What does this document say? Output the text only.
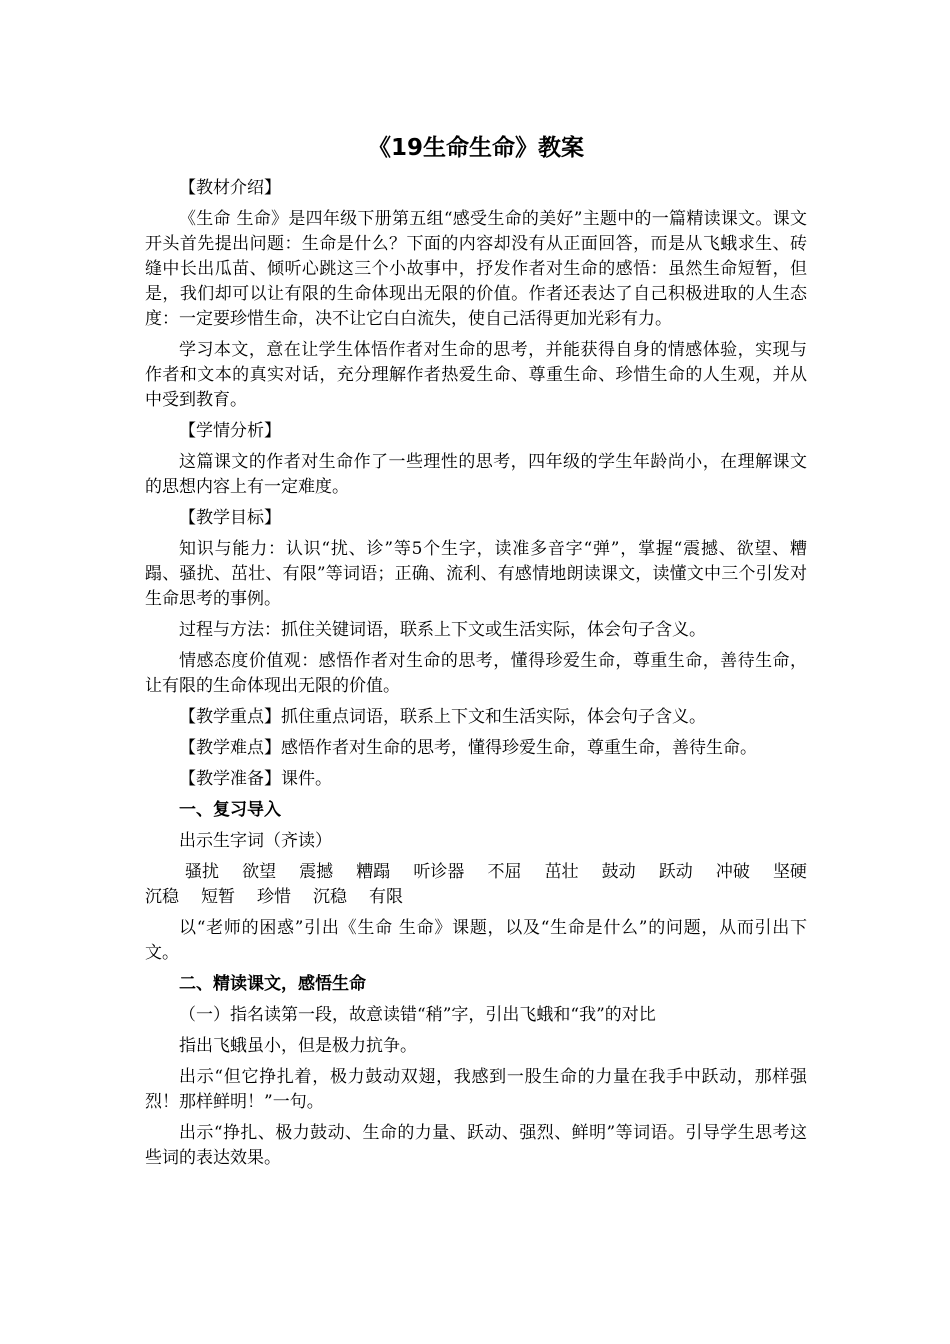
《19生命生命》教案

【教材介绍】

《生命 生命》是四年级下册第五组“感受生命的美好”主题中的一篇精读课文。课文开头首先提出问题：生命是什么？下面的内容却没有从正面回答，而是从飞蛾求生、砖缝中长出瓜苗、倾听心跳这三个小故事中，抒发作者对生命的感悟：虽然生命短暂，但是，我们却可以让有限的生命体现出无限的价值。作者还表达了自己积极进取的人生态度：一定要珍惜生命，决不让它白白流失，使自己活得更加光彩有力。

学习本文，意在让学生体悟作者对生命的思考，并能获得自身的情感体验，实现与作者和文本的真实对话，充分理解作者热爱生命、尊重生命、珍惜生命的人生观，并从中受到教育。

【学情分析】

这篇课文的作者对生命作了一些理性的思考，四年级的学生年龄尚小，在理解课文的思想内容上有一定难度。

【教学目标】

知识与能力：认识“扰、诊”等5个生字，读准多音字“弹”，掌握“震撼、欲望、糟蹋、骚扰、茁壮、有限”等词语；正确、流利、有感情地朗读课文，读懂文中三个引发对生命思考的事例。

过程与方法：抓住关键词语，联系上下文或生活实际，体会句子含义。

情感态度价值观：感悟作者对生命的思考，懂得珍爱生命，尊重生命，善待生命，让有限的生命体现出无限的价值。

【教学重点】抓住重点词语，联系上下文和生活实际，体会句子含义。

【教学难点】感悟作者对生命的思考，懂得珍爱生命，尊重生命，善待生命。

【教学准备】课件。

一、复习导入

出示生字词（齐读）

骚扰 欲望 震撼 糟蹋 听诊器 不屈 茁壮 鼓动 跃动 冲破 坚硬
沉稳 短暂 珍惜 沉稳 有限

以“老师的困惑”引出《生命 生命》课题，以及“生命是什么”的问题，从而引出下文。

二、精读课文，感悟生命

（一）指名读第一段，故意读错“稍”字，引出飞蛾和“我”的对比

指出飞蛾虽小，但是极力抗争。

出示“但它挣扎着，极力鼓动双翅，我感到一股生命的力量在我手中跃动，那样强烈！那样鲜明！”一句。

出示“挣扎、极力鼓动、生命的力量、跃动、强烈、鲜明”等词语。引导学生思考这些词的表达效果。
